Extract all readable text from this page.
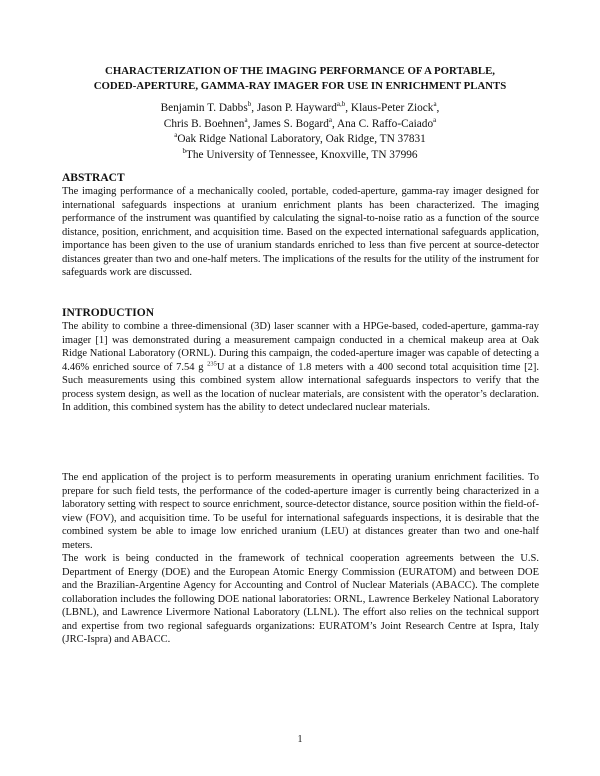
CHARACTERIZATION OF THE IMAGING PERFORMANCE OF A PORTABLE,
CODED-APERTURE, GAMMA-RAY IMAGER FOR USE IN ENRICHMENT PLANTS
Benjamin T. Dabbs$^b$, Jason P. Hayward$^{a,b}$, Klaus-Peter Ziock$^a$,
Chris B. Boehnen$^a$, James S. Bogard$^a$, Ana C. Raffo-Caiado$^a$
$^a$Oak Ridge National Laboratory, Oak Ridge, TN 37831
$^b$The University of Tennessee, Knoxville, TN 37996

ABSTRACT

The imaging performance of a mechanically cooled, portable, coded-aperture, gamma-ray imager designed for international safeguards inspections at uranium enrichment plants has been characterized. The imaging performance of the instrument was quantified by calculating the signal-to-noise ratio as a function of the source distance, position, enrichment, and acquisition time. Based on the expected international safeguards application, importance has been given to the use of uranium standards enriched to less than five percent at source-detector distances greater than two and one-half meters. The implications of the results for the utility of the instrument for safeguards work are discussed.

INTRODUCTION

The ability to combine a three-dimensional (3D) laser scanner with a HPGe-based, coded-aperture, gamma-ray imager [1] was demonstrated during a measurement campaign conducted in a chemical makeup area at Oak Ridge National Laboratory (ORNL). During this campaign, the coded-aperture imager was capable of detecting a 4.46% enriched source of 7.54 g $^{235}$U at a distance of 1.8 meters with a 400 second total acquisition time [2]. Such measurements using this combined system allow international safeguards inspectors to verify that the process system design, as well as the location of nuclear materials, are consistent with the operator’s declaration. In addition, this combined system has the ability to detect undeclared nuclear materials.

The end application of the project is to perform measurements in operating uranium enrichment facilities. To prepare for such field tests, the performance of the coded-aperture imager is currently being characterized in a laboratory setting with respect to source enrichment, source-detector distance, source position within the field-of-view (FOV), and acquisition time. To be useful for international safeguards inspections, it is desirable that the combined system be able to image low enriched uranium (LEU) at distances greater than two and one-half meters.

The work is being conducted in the framework of technical cooperation agreements between the U.S. Department of Energy (DOE) and the European Atomic Energy Commission (EURATOM) and between DOE and the Brazilian-Argentine Agency for Accounting and Control of Nuclear Materials (ABACC). The complete collaboration includes the following DOE national laboratories: ORNL, Lawrence Berkeley National Laboratory (LBNL), and Lawrence Livermore National Laboratory (LLNL). The effort also relies on the technical support and expertise from two regional safeguards organizations: EURATOM’s Joint Research Centre at Ispra, Italy (JRC-Ispra) and ABACC.

1
